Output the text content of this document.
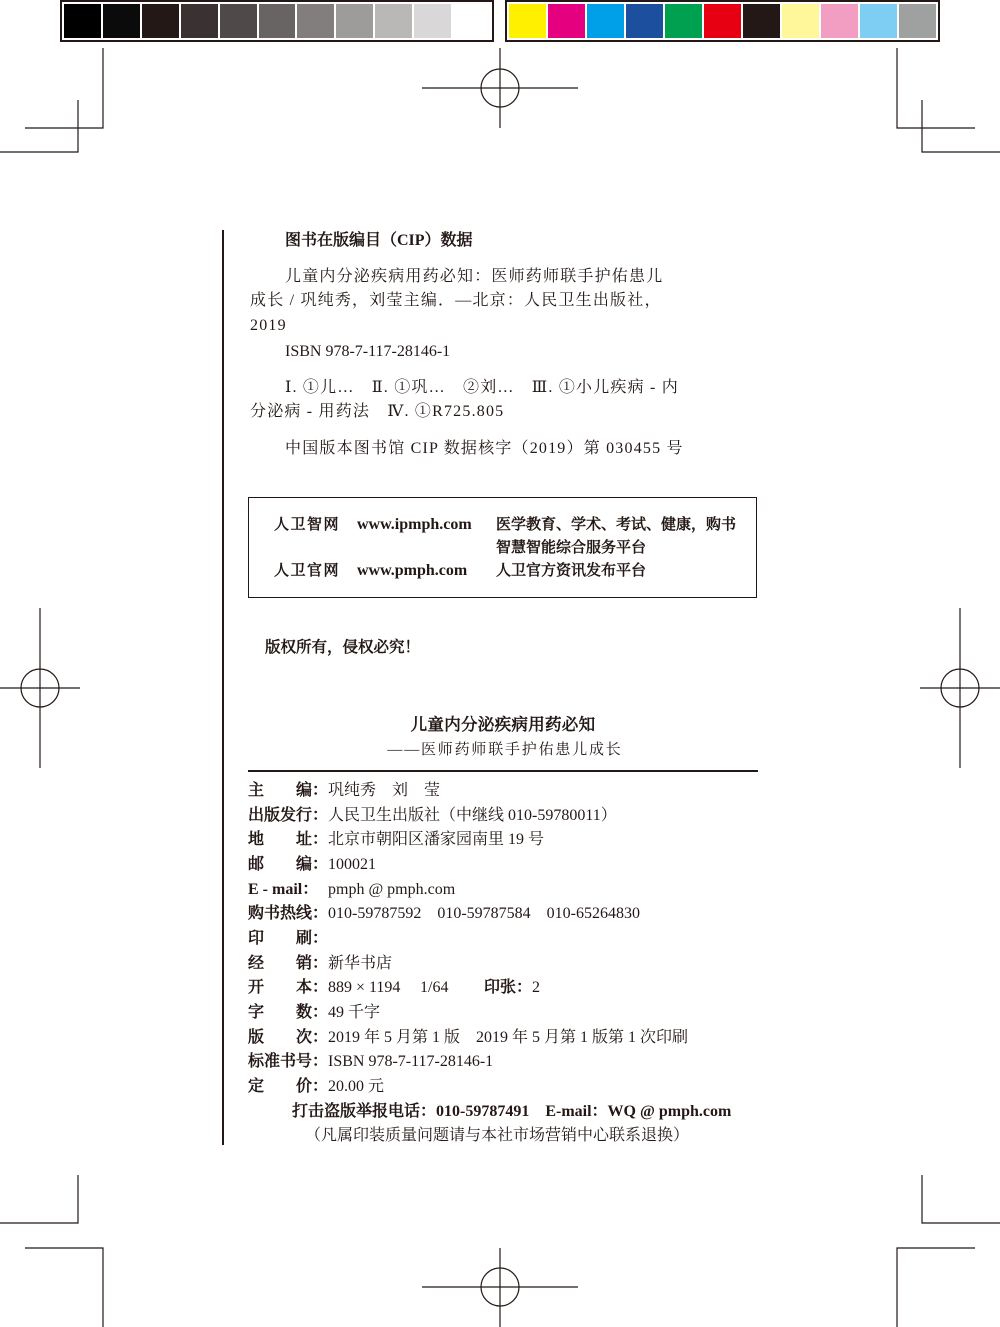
图书在版编目（CIP）数据
儿童内分泌疾病用药必知：医师药师联手护佑患儿
成长 / 巩纯秀，刘莹主编．—北京：人民卫生出版社，
2019
ISBN 978-7-117-28146-1
Ⅰ. ①儿…　Ⅱ. ①巩…　②刘…　Ⅲ. ①小儿疾病 - 内
分泌病 - 用药法　Ⅳ. ①R725.805
中国版本图书馆 CIP 数据核字（2019）第 030455 号
人卫智网 www.ipmph.com 医学教育、学术、考试、健康，购书
智慧智能综合服务平台
人卫官网 www.pmph.com 人卫官方资讯发布平台
版权所有，侵权必究！
儿童内分泌疾病用药必知
——医师药师联手护佑患儿成长
主　　编：巩纯秀　刘　莹
出版发行：人民卫生出版社（中继线 010-59780011）
地　　址：北京市朝阳区潘家园南里 19 号
邮　　编：100021
E - mail： pmph @ pmph.com
购书热线：010-59787592　010-59787584　010-65264830
印　　刷：
经　　销：新华书店
开　　本：889 × 1194 1/64 印张：2
字　　数：49 千字
版　　次：2019 年 5 月第 1 版　2019 年 5 月第 1 版第 1 次印刷
标准书号：ISBN 978-7-117-28146-1
定　　价：20.00 元
打击盗版举报电话：010-59787491　E-mail：WQ @ pmph.com
（凡属印装质量问题请与本社市场营销中心联系退换）
